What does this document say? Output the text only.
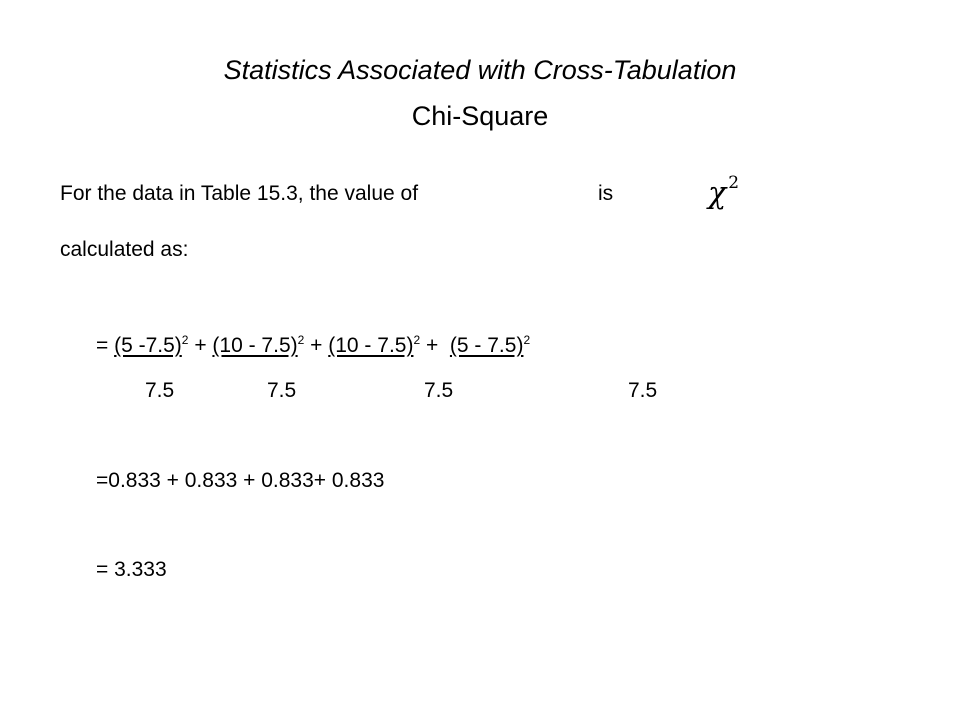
Statistics Associated with Cross-Tabulation
Chi-Square
For the data in Table 15.3, the value of	is	χ $^2$
calculated as:
= (5 -7.5)$^2$ + (10 - 7.5)$^2$ + (10 - 7.5)$^2$ +  (5 - 7.5)$^2$
7.5	7.5	7.5	7.5
=0.833 + 0.833 + 0.833+ 0.833
= 3.333
